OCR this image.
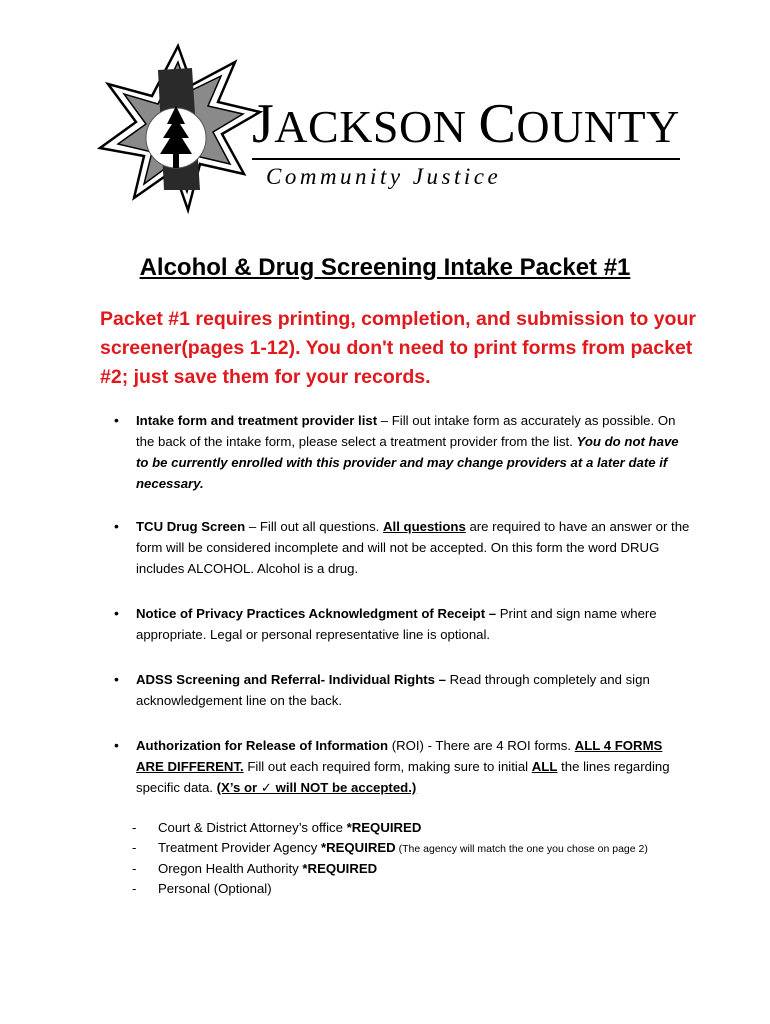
JACKSON COUNTY
Community Justice
Alcohol & Drug Screening Intake Packet #1
Packet #1 requires printing, completion, and submission to your screener(pages 1-12). You don't need to print forms from packet #2; just save them for your records.
• Intake form and treatment provider list – Fill out intake form as accurately as possible. On the back of the intake form, please select a treatment provider from the list. You do not have to be currently enrolled with this provider and may change providers at a later date if necessary.
• TCU Drug Screen – Fill out all questions. All questions are required to have an answer or the form will be considered incomplete and will not be accepted. On this form the word DRUG includes ALCOHOL. Alcohol is a drug.
• Notice of Privacy Practices Acknowledgment of Receipt – Print and sign name where appropriate. Legal or personal representative line is optional.
• ADSS Screening and Referral- Individual Rights – Read through completely and sign acknowledgement line on the back.
• Authorization for Release of Information (ROI) - There are 4 ROI forms. ALL 4 FORMS ARE DIFFERENT. Fill out each required form, making sure to initial ALL the lines regarding specific data. (X’s or ✓ will NOT be accepted.)
- Court & District Attorney’s office *REQUIRED
- Treatment Provider Agency *REQUIRED (The agency will match the one you chose on page 2)
- Oregon Health Authority *REQUIRED
- Personal (Optional)
